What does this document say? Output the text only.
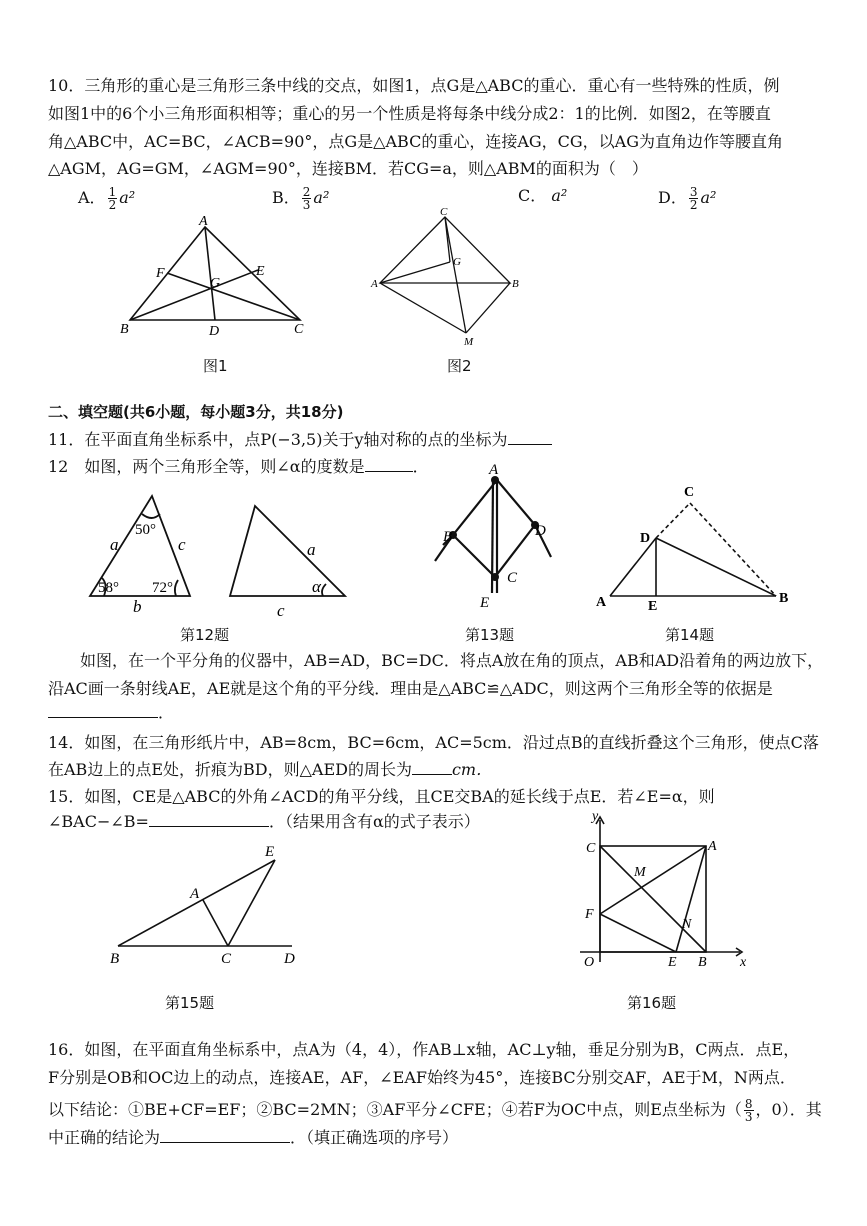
10．三角形的重心是三角形三条中线的交点，如图1，点G是△ABC的重心．重心有一些特殊的性质，例
如图1中的6个小三角形面积相等；重心的另一个性质是将每条中线分成2：1的比例．如图2，在等腰直
角△ABC中，AC=BC，∠ACB=90°，点G是△ABC的重心，连接AG，CG，以AG为直角边作等腰直角
△AGM，AG=GM，∠AGM=90°，连接BM．若CG=a，则△ABM的面积为（　）
A． $\frac{1}{2} a^2$	B． $\frac{2}{3} a^2$	C． a²	D． $\frac{3}{2} a^2$
A
B	C
D
E
F
G
图1
C
A	B
G
M
图2
二、填空题(共6小题，每小题3分，共18分)
11．在平面直角坐标系中，点P(−3,5)关于y轴对称的点的坐标为
12　如图，两个三角形全等，则∠α的度数是	．
a	c
b
50°
58° 72°
a
c
α
A
B	D
C
E	A	B
C
D
E
第12题	第13题	第14题
如图，在一个平分角的仪器中，AB=AD，BC=DC．将点A放在角的顶点，AB和AD沿着角的两边放下，
沿AC画一条射线AE，AE就是这个角的平分线．理由是△ABC≌△ADC，则这两个三角形全等的依据是
．
14．如图，在三角形纸片中，AB=8cm，BC=6cm，AC=5cm．沿过点B的直线折叠这个三角形，使点C落
在AB边上的点E处，折痕为BD，则△AED的周长为	cm．
15．如图，CE是△ABC的外角∠ACD的角平分线，且CE交BA的延长线于点E．若∠E=α，则
∠BAC−∠B=	．（结果用含有α的式子表示）
A
B	C	D
E
y
x
O
C	A
F
E B
M
N
第15题	第16题
16．如图，在平面直角坐标系中，点A为（4，4），作AB⊥x轴，AC⊥y轴，垂足分别为B，C两点．点E，
F分别是OB和OC边上的动点，连接AE，AF，∠EAF始终为45°，连接BC分别交AF，AE于M，N两点．
以下结论：①BE+CF=EF；②BC=2MN；③AF平分∠CFE；④若F为OC中点，则E点坐标为（ $\frac{8}{3}$ ，0）．其
中正确的结论为	．（填正确选项的序号）
